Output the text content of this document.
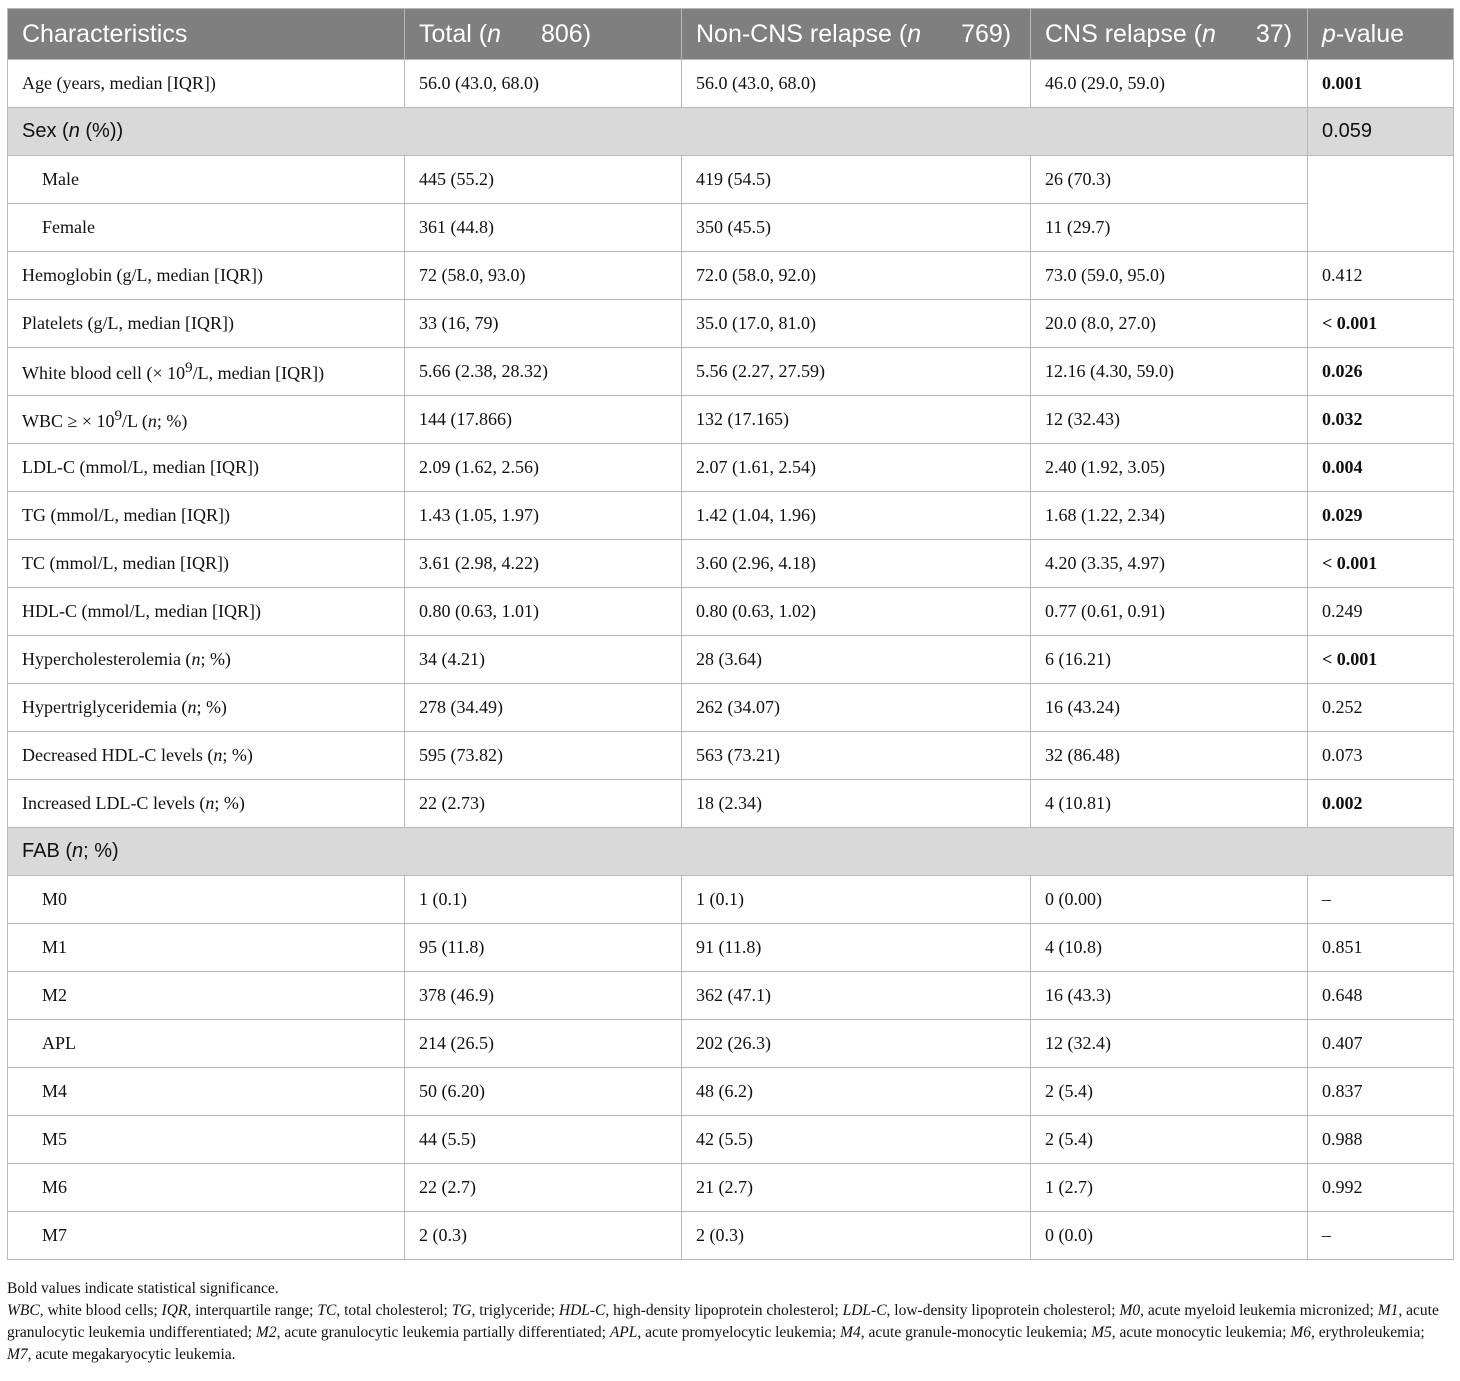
Characteristics	Total (n 806)	Non-CNS relapse (n 769)	CNS relapse (n 37)	p-value
Age (years, median [IQR])	56.0 (43.0, 68.0)	56.0 (43.0, 68.0)	46.0 (29.0, 59.0)	0.001
Sex (n (%))				0.059
Male	445 (55.2)	419 (54.5)	26 (70.3)	
Female	361 (44.8)	350 (45.5)	11 (29.7)	
Hemoglobin (g/L, median [IQR])	72 (58.0, 93.0)	72.0 (58.0, 92.0)	73.0 (59.0, 95.0)	0.412
Platelets (g/L, median [IQR])	33 (16, 79)	35.0 (17.0, 81.0)	20.0 (8.0, 27.0)	< 0.001
White blood cell (× $10^9/L$, median [IQR])	5.66 (2.38, 28.32)	5.56 (2.27, 27.59)	12.16 (4.30, 59.0)	0.026
WBC ≥ × $10^9/L$ (n; %)	144 (17.866)	132 (17.165)	12 (32.43)	0.032
LDL-C (mmol/L, median [IQR])	2.09 (1.62, 2.56)	2.07 (1.61, 2.54)	2.40 (1.92, 3.05)	0.004
TG (mmol/L, median [IQR])	1.43 (1.05, 1.97)	1.42 (1.04, 1.96)	1.68 (1.22, 2.34)	0.029
TC (mmol/L, median [IQR])	3.61 (2.98, 4.22)	3.60 (2.96, 4.18)	4.20 (3.35, 4.97)	< 0.001
HDL-C (mmol/L, median [IQR])	0.80 (0.63, 1.01)	0.80 (0.63, 1.02)	0.77 (0.61, 0.91)	0.249
Hypercholesterolemia (n; %)	34 (4.21)	28 (3.64)	6 (16.21)	< 0.001
Hypertriglyceridemia (n; %)	278 (34.49)	262 (34.07)	16 (43.24)	0.252
Decreased HDL-C levels (n; %)	595 (73.82)	563 (73.21)	32 (86.48)	0.073
Increased LDL-C levels (n; %)	22 (2.73)	18 (2.34)	4 (10.81)	0.002
FAB (n; %)				
M0	1 (0.1)	1 (0.1)	0 (0.00)	–
M1	95 (11.8)	91 (11.8)	4 (10.8)	0.851
M2	378 (46.9)	362 (47.1)	16 (43.3)	0.648
APL	214 (26.5)	202 (26.3)	12 (32.4)	0.407
M4	50 (6.20)	48 (6.2)	2 (5.4)	0.837
M5	44 (5.5)	42 (5.5)	2 (5.4)	0.988
M6	22 (2.7)	21 (2.7)	1 (2.7)	0.992
M7	2 (0.3)	2 (0.3)	0 (0.0)	–

Bold values indicate statistical significance.

WBC, white blood cells; IQR, interquartile range; TC, total cholesterol; TG, triglyceride; HDL-C, high-density lipoprotein cholesterol; LDL-C, low-density lipoprotein cholesterol; M0, acute myeloid leukemia micronized; M1, acute granulocytic leukemia undifferentiated; M2, acute granulocytic leukemia partially differentiated; APL, acute promyelocytic leukemia; M4, acute granule-monocytic leukemia; M5, acute monocytic leukemia; M6, erythroleukemia; M7, acute megakaryocytic leukemia.
